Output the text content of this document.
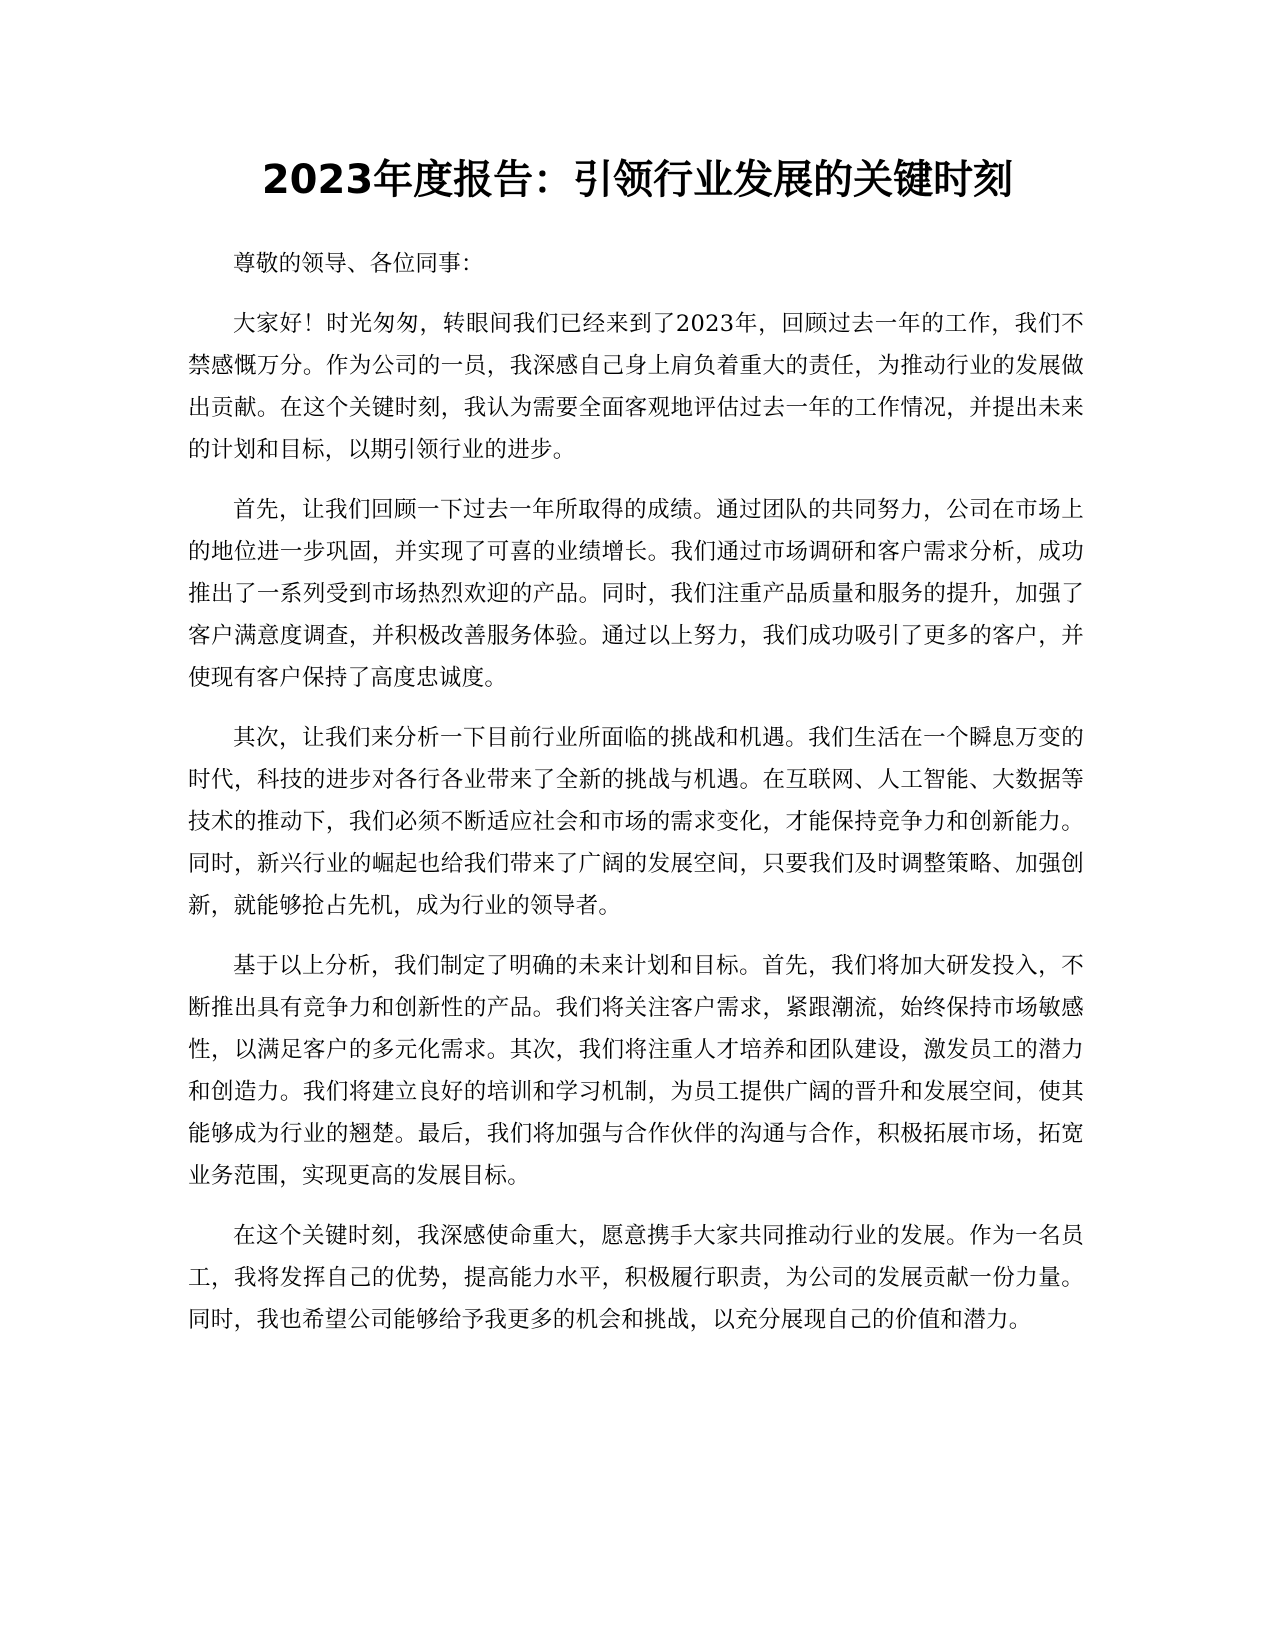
2023年度报告：引领行业发展的关键时刻

尊敬的领导、各位同事：

大家好！时光匆匆，转眼间我们已经来到了2023年，回顾过去一年的工作，我们不禁感慨万分。作为公司的一员，我深感自己身上肩负着重大的责任，为推动行业的发展做出贡献。在这个关键时刻，我认为需要全面客观地评估过去一年的工作情况，并提出未来的计划和目标，以期引领行业的进步。

首先，让我们回顾一下过去一年所取得的成绩。通过团队的共同努力，公司在市场上的地位进一步巩固，并实现了可喜的业绩增长。我们通过市场调研和客户需求分析，成功推出了一系列受到市场热烈欢迎的产品。同时，我们注重产品质量和服务的提升，加强了客户满意度调查，并积极改善服务体验。通过以上努力，我们成功吸引了更多的客户，并使现有客户保持了高度忠诚度。

其次，让我们来分析一下目前行业所面临的挑战和机遇。我们生活在一个瞬息万变的时代，科技的进步对各行各业带来了全新的挑战与机遇。在互联网、人工智能、大数据等技术的推动下，我们必须不断适应社会和市场的需求变化，才能保持竞争力和创新能力。同时，新兴行业的崛起也给我们带来了广阔的发展空间，只要我们及时调整策略、加强创新，就能够抢占先机，成为行业的领导者。

基于以上分析，我们制定了明确的未来计划和目标。首先，我们将加大研发投入，不断推出具有竞争力和创新性的产品。我们将关注客户需求，紧跟潮流，始终保持市场敏感性，以满足客户的多元化需求。其次，我们将注重人才培养和团队建设，激发员工的潜力和创造力。我们将建立良好的培训和学习机制，为员工提供广阔的晋升和发展空间，使其能够成为行业的翘楚。最后，我们将加强与合作伙伴的沟通与合作，积极拓展市场，拓宽业务范围，实现更高的发展目标。

在这个关键时刻，我深感使命重大，愿意携手大家共同推动行业的发展。作为一名员工，我将发挥自己的优势，提高能力水平，积极履行职责，为公司的发展贡献一份力量。同时，我也希望公司能够给予我更多的机会和挑战，以充分展现自己的价值和潜力。
